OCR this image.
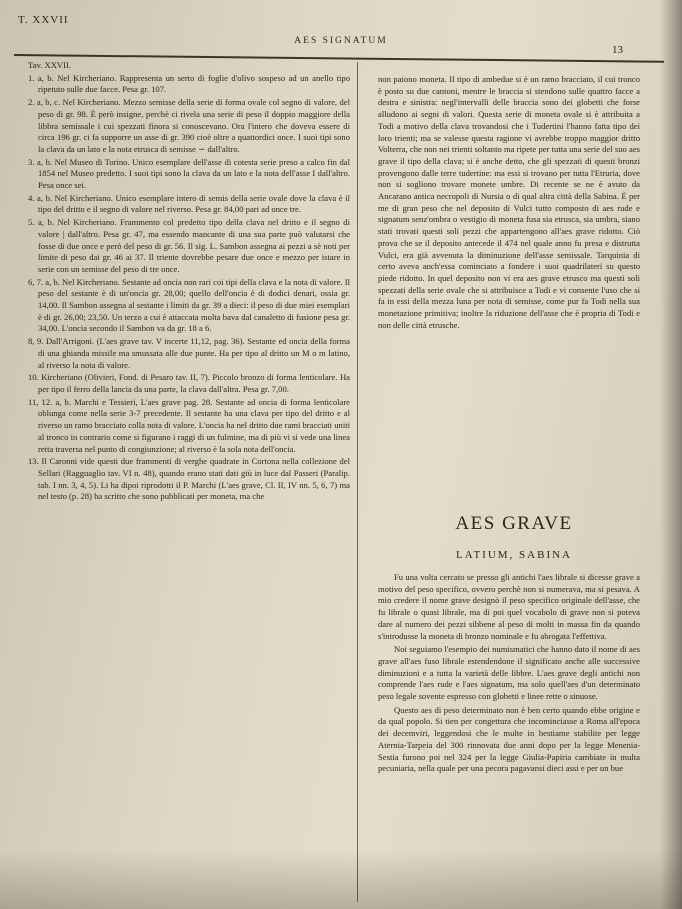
T. XXVII
AES SIGNATUM
13

Tav. XXVII.

1. a, b. Nel Kircheriano. Rappresenta un serto di foglie d'olivo sospeso ad un anello tipo ripetuto sulle due facce. Pesa gr. 107.

2. a, b, c. Nel Kircheriano. Mezzo semisse della serie di forma ovale col segno di valore, del peso di gr. 98. È però insigne, perchè ci rivela una serie di peso il doppio maggiore della libbra semissale i cui spezzati finora si conoscevano. Ora l'intero che doveva essere di circa 196 gr. ci fa supporre un asse di gr. 390 cioè oltre a quattordici once. I suoi tipi sono la clava da un lato e la nota etrusca di semisse ∽ dall'altro.

3. a, b. Nel Museo di Torino. Unico esemplare dell'asse di cotesta serie preso a calco fin dal 1854 nel Museo predetto. I suoi tipi sono la clava da un lato e la nota dell'asse I dall'altro. Pesa once sei.

4. a, b. Nel Kircheriano. Unico esemplare intero di semis della serie ovale dove la clava è il tipo del dritto e il segno di valore nel riverso. Pesa gr. 84,00 pari ad once tre.

5. a, b. Nel Kircheriano. Frammento col predetto tipo della clava nel dritto e il segno di valore | dall'altro. Pesa gr. 47, ma essendo mancante di una sua parte può valutarsi che fosse di due once e però del peso di gr. 56. Il sig. L. Sambon assegna ai pezzi a sè noti per limite di peso dai gr. 46 ai 37. Il triente dovrebbe pesare due once e mezzo per istare in serie con un semisse del peso di tre once.

6, 7. a, b. Nel Kircheriano. Sestante ad oncia non rari coi tipi della clava e la nota di valore. Il peso del sestante è di un'oncia gr. 28,00; quello dell'oncia è di dodici denari, ossia gr. 14,00. Il Sambon assegna al sestante i limiti da gr. 39 a dieci: il peso di due miei esemplari è di gr. 26,00; 23,50. Un terzo a cui è attaccata molta bava dal canaletto di fusione pesa gr. 34,00. L'oncia secondo il Sambon va da gr. 18 a 6.

8, 9. Dall'Arrigoni. (L'aes grave tav. V incerte 11,12, pag. 36). Sestante ed oncia della forma di una ghianda missile ma smussata alle due punte. Ha per tipo al dritto un M o m latino, al riverso la nota di valore.

10. Kircheriano (Olivieri, Fond. di Pesaro tav. II, 7). Piccolo bronzo di forma lenticolare. Ha per tipo il ferro della lancia da una parte, la clava dall'altra. Pesa gr. 7,00.

11, 12. a, b. Marchi e Tessieri, L'aes grave pag. 28. Sestante ad oncia di forma lenticolare oblunga come nella serie 3-7 precedente. Il sestante ha una clava per tipo del dritto e al riverso un ramo bracciato colla nota di valore. L'oncia ha nel dritto due rami bracciati uniti al tronco in contrario come si figurano i raggi di un fulmine, ma di più vi si vede una linea retta traversa nel punto di congiunzione; al riverso è la sola nota dell'oncia.

13. Il Caronni vide questi due frammenti di verghe quadrate in Cortona nella collezione del Sellari (Ragguaglio tav. VI n. 48), quando erano stati dati giù in luce dal Passeri (Paralip. tab. I nn. 3, 4, 5). Li ha dipoi riprodotti il P. Marchi (L'aes grave, Cl. II, IV nn. 5, 6, 7) ma nel testo (p. 28) ha scritto che sono pubblicati per moneta, ma che

non paiono moneta. Il tipo di ambedue si è un ramo bracciato, il cui tronco è posto su due cantoni, mentre le braccia si stendono sulle quattro facce a destra e sinistra: negl'intervalli delle braccia sono dei globetti che forse alludono ai segni di valori. Questa serie di moneta ovale si è attribuita a Todi a motivo della clava trovandosi che i Tudertini l'hanno fatta tipo dei loro trienti; ma se valesse questa ragione vi avrebbe troppo maggior dritto Volterra, che non nei trienti soltanto ma ripete per tutta una serie del suo aes grave il tipo della clava; si è anche detto, che gli spezzati di questi bronzi provengono dalle terre tudertine: ma essi si trovano per tutta l'Etruria, dove non si sogliono trovare monete umbre. Di recente se ne è avuto da Ancarano antica necropoli di Nursia o di qual altra città della Sabina. È per me di gran peso che nel deposito di Vulci tutto composto di aes rude e signatum senz'ombra o vestigio di moneta fusa sia etrusca, sia umbra, siano stati trovati questi soli pezzi che appartengono all'aes grave ridotto. Ciò prova che se il deposito antecede il 474 nel quale anno fu presa e distrutta Vulci, era già avvenuta la diminuzione dell'asse semissale. Tarquinia di certo aveva anch'essa cominciato a fondere i suoi quadrilateri su questo piede ridotto. In quel deposito non vi era aes grave etrusco ma questi soli spezzati della serie ovale che si attribuisce a Todi e vi consente l'uso che si fa in essi della mezza luna per nota di semisse, come pur fa Todi nella sua monetazione primitiva; inoltre la riduzione dell'asse che è propria di Todi e non delle città etrusche.

AES GRAVE
LATIUM, SABINA

Fu una volta cercato se presso gli antichi l'aes librale si dicesse grave a motivo del peso specifico, ovvero perchè non si numerava, ma si pesava. A mio credere il nome grave designò il peso specifico originale dell'asse, che fu librale o quasi librale, ma di poi quel vocabolo di grave non si poteva dare al numero dei pezzi sibbene al peso di molti in massa fin da quando s'introdusse la moneta di bronzo nominale e fu abrogata l'effettiva.

Noi seguiamo l'esempio dei numismatici che hanno dato il nome di aes grave all'aes fuso librale estendendone il significato anche alle successive diminuzioni e a tutta la varietà delle libbre. L'aes grave degli antichi non comprende l'aes rude e l'aes signatum, ma solo quell'aes d'un determinato peso legale sovente espresso con globetti e linee rette o sinuose.

Questo aes di peso determinato non è ben certo quando ebbe origine e da qual popolo. Si tien per congettura che incominciasse a Roma all'epoca dei decemviri, leggendosi che le multe in bestiame stabilite per legge Aternia-Tarpeia del 300 rinnovata due anni dopo per la legge Menenia-Sestia furono poi nel 324 per la legge Giulia-Papiria cambiate in multa pecuniaria, nella quale per una pecora pagavansi dieci assi e per un bue
